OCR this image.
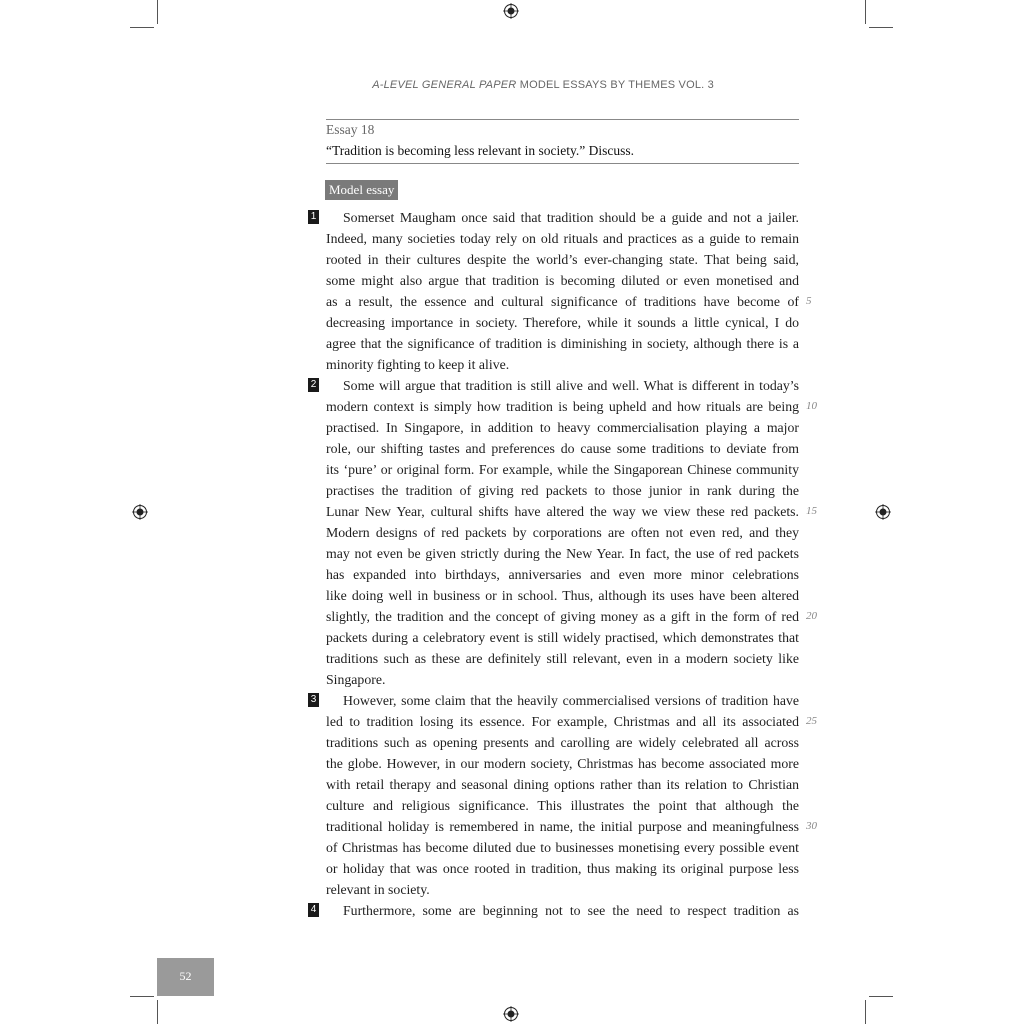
A-LEVEL GENERAL PAPER MODEL ESSAYS BY THEMES VOL. 3
Essay 18
“Tradition is becoming less relevant in society.” Discuss.
Model essay
1
2
3
4
5
10
15
20
25
30
Somerset Maugham once said that tradition should be a guide and not a jailer.
Indeed, many societies today rely on old rituals and practices as a guide to remain
rooted in their cultures despite the world’s ever-changing state. That being said,
some might also argue that tradition is becoming diluted or even monetised and
as a result, the essence and cultural significance of traditions have become of
decreasing importance in society. Therefore, while it sounds a little cynical, I do
agree that the significance of tradition is diminishing in society, although there is a
minority fighting to keep it alive.
Some will argue that tradition is still alive and well. What is different in today’s
modern context is simply how tradition is being upheld and how rituals are being
practised. In Singapore, in addition to heavy commercialisation playing a major
role, our shifting tastes and preferences do cause some traditions to deviate from
its ‘pure’ or original form. For example, while the Singaporean Chinese community
practises the tradition of giving red packets to those junior in rank during the
Lunar New Year, cultural shifts have altered the way we view these red packets.
Modern designs of red packets by corporations are often not even red, and they
may not even be given strictly during the New Year. In fact, the use of red packets
has expanded into birthdays, anniversaries and even more minor celebrations
like doing well in business or in school. Thus, although its uses have been altered
slightly, the tradition and the concept of giving money as a gift in the form of red
packets during a celebratory event is still widely practised, which demonstrates that
traditions such as these are definitely still relevant, even in a modern society like
Singapore.
However, some claim that the heavily commercialised versions of tradition have
led to tradition losing its essence. For example, Christmas and all its associated
traditions such as opening presents and carolling are widely celebrated all across
the globe. However, in our modern society, Christmas has become associated more
with retail therapy and seasonal dining options rather than its relation to Christian
culture and religious significance. This illustrates the point that although the
traditional holiday is remembered in name, the initial purpose and meaningfulness
of Christmas has become diluted due to businesses monetising every possible event
or holiday that was once rooted in tradition, thus making its original purpose less
relevant in society.
Furthermore, some are beginning not to see the need to respect tradition as
52
